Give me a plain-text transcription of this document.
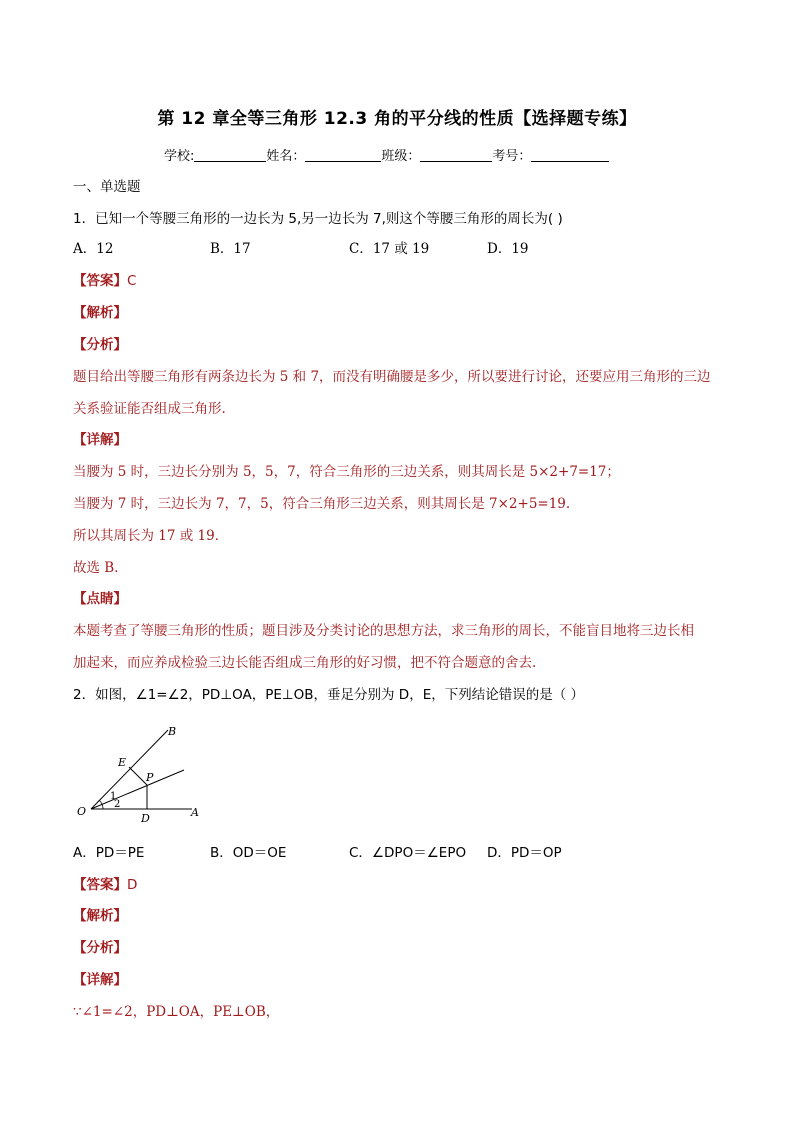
第 12 章全等三角形 12.3 角的平分线的性质【选择题专练】
学校:	姓名：	班级：	考号：
一、单选题
1．已知一个等腰三角形的一边长为 5,另一边长为 7,则这个等腰三角形的周长为( )
A．12	B．17	C．17 或 19	D．19
【答案】C
【解析】
【分析】
题目给出等腰三角形有两条边长为 5 和 7，而没有明确腰是多少，所以要进行讨论，还要应用三角形的三边
关系验证能否组成三角形.
【详解】
当腰为 5 时，三边长分别为 5，5，7，符合三角形的三边关系，则其周长是 5×2+7=17；
当腰为 7 时，三边长为 7，7，5，符合三角形三边关系，则其周长是 7×2+5=19.
所以其周长为 17 或 19．
故选 B．
【点睛】
本题考查了等腰三角形的性质；题目涉及分类讨论的思想方法，求三角形的周长，不能盲目地将三边长相
加起来，而应养成检验三边长能否组成三角形的好习惯，把不符合题意的舍去.
2．如图，∠1=∠2，PD⊥OA，PE⊥OB，垂足分别为 D，E，下列结论错误的是（ ）
B
E
P
O
D	A
1
2
A．PD＝PE	B．OD＝OE	C．∠DPO＝∠EPO D．PD＝OP
【答案】D
【解析】
【分析】
【详解】
∵∠1=∠2，PD⊥OA，PE⊥OB，
